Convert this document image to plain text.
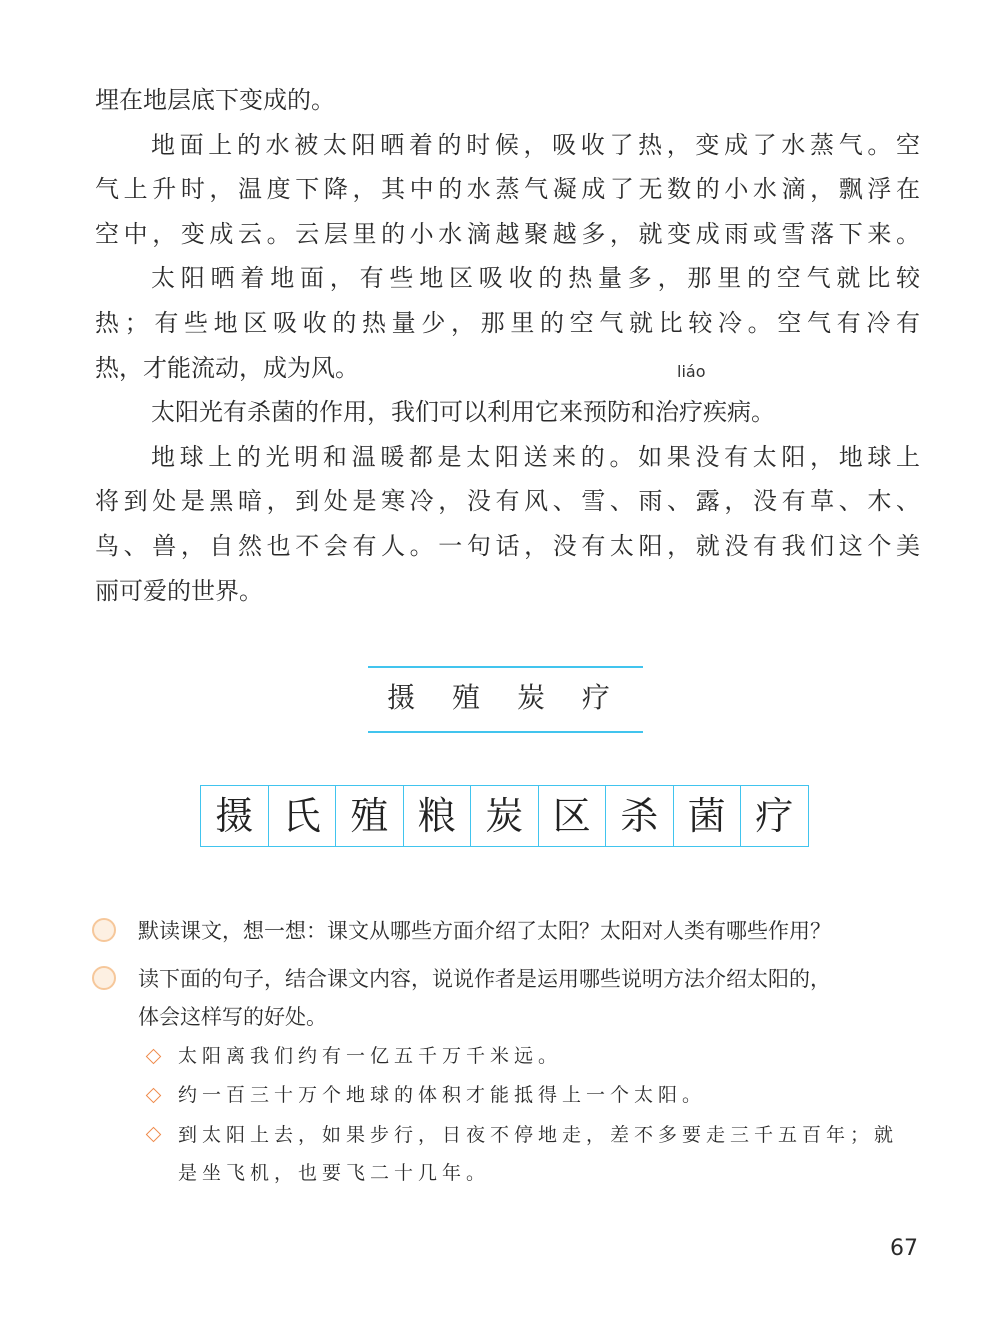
埋在地层底下变成的。
地面上的水被太阳晒着的时候，吸收了热，变成了水蒸气。空
气上升时，温度下降，其中的水蒸气凝成了无数的小水滴，飘浮在
空中，变成云。云层里的小水滴越聚越多，就变成雨或雪落下来。
太阳晒着地面，有些地区吸收的热量多，那里的空气就比较
热；有些地区吸收的热量少，那里的空气就比较冷。空气有冷有
热，才能流动，成为风。
太阳光有杀菌的作用，我们可以利用它来预防和治
liáo
疗疾病。
地球上的光明和温暖都是太阳送来的。如果没有太阳，地球上
将到处是黑暗，到处是寒冷，没有风、雪、雨、露，没有草、木、
鸟、兽，自然也不会有人。一句话，没有太阳，就没有我们这个美
丽可爱的世界。
摄 殖 炭 疗
摄 氏 殖 粮 炭 区 杀 菌 疗
默读课文，想一想：课文从哪些方面介绍了太阳？太阳对人类有哪些作用？
读下面的句子，结合课文内容，说说作者是运用哪些说明方法介绍太阳的，
体会这样写的好处。
太阳离我们约有一亿五千万千米远。
约一百三十万个地球的体积才能抵得上一个太阳。
到太阳上去，如果步行，日夜不停地走，差不多要走三千五百年；就是坐飞机，也要飞二十几年。
67
